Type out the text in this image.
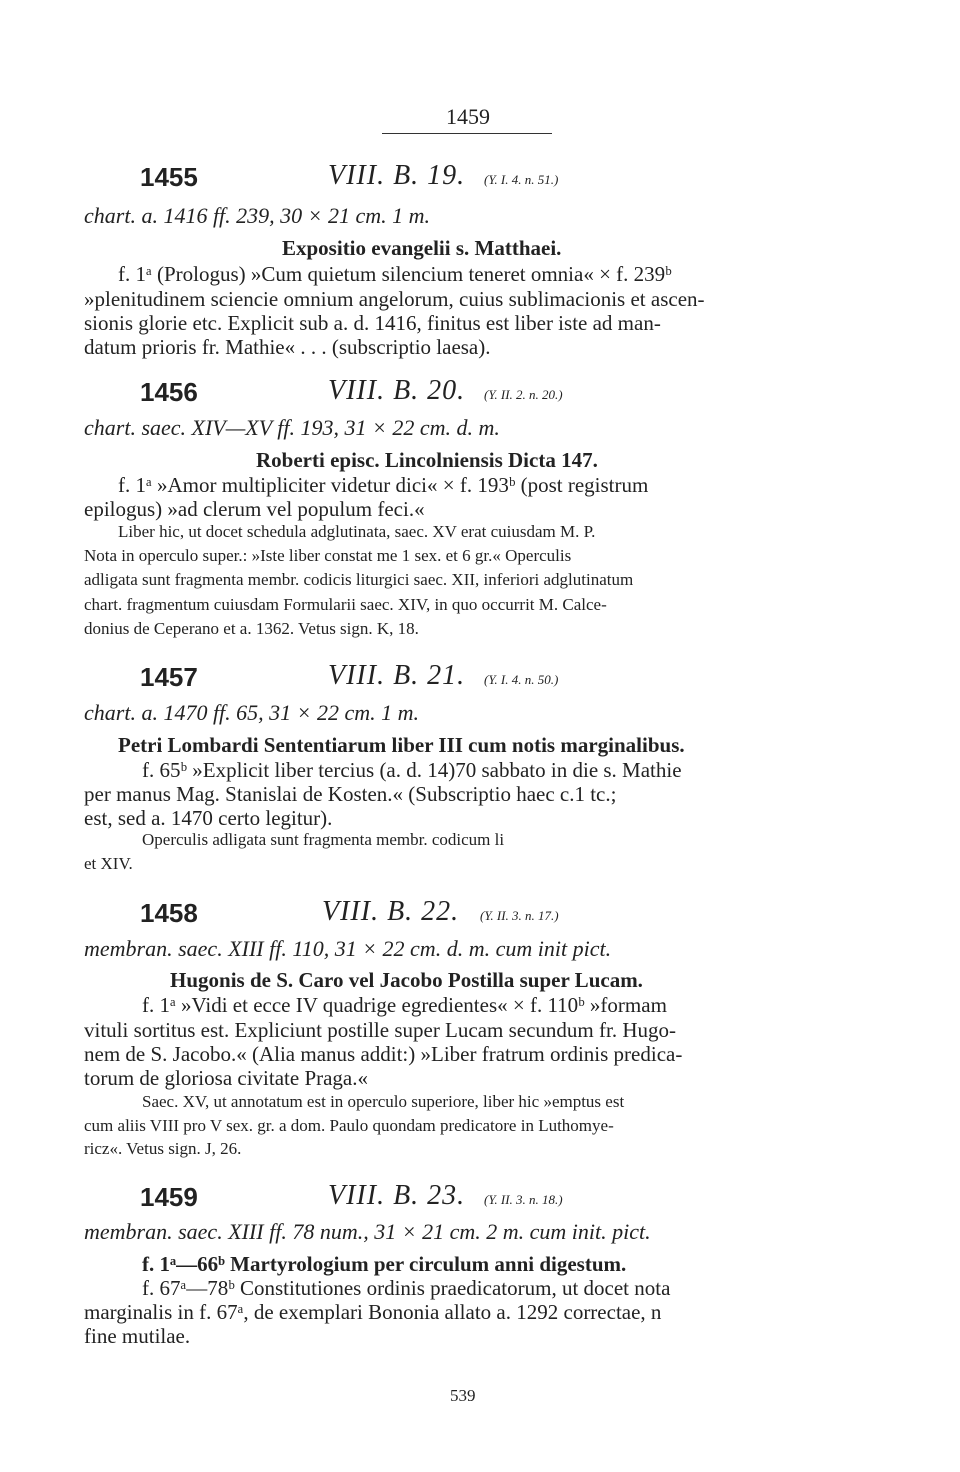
1459
1455	VIII. B. 19. (Y. I. 4. n. 51.)
chart. a. 1416 ff. 239, 30 × 21 cm. 1 m.
Expositio evangelii s. Matthaei.
f. 1ᵃ (Prologus) »Cum quietum silencium teneret omnia« × f. 239ᵇ
»plenitudinem sciencie omnium angelorum, cuius sublimacionis et ascen-
sionis glorie etc. Explicit sub a. d. 1416, finitus est liber iste ad man-
datum prioris fr. Mathie« . . . (subscriptio laesa).
1456	VIII. B. 20. (Y. II. 2. n. 20.)
chart. saec. XIV—XV ff. 193, 31 × 22 cm. d. m.
Roberti episc. Lincolniensis Dicta 147.
f. 1ᵃ »Amor multipliciter videtur dici« × f. 193ᵇ (post registrum
epilogus) »ad clerum vel populum feci.«
Liber hic, ut docet schedula adglutinata, saec. XV erat cuiusdam M. P.
Nota in operculo super.: »Iste liber constat me 1 sex. et 6 gr.« Operculis
adligata sunt fragmenta membr. codicis liturgici saec. XII, inferiori adglutinatum
chart. fragmentum cuiusdam Formularii saec. XIV, in quo occurrit M. Calce-
donius de Ceperano et a. 1362. Vetus sign. K, 18.
1457	VIII. B. 21. (Y. I. 4. n. 50.)
chart. a. 1470 ff. 65, 31 × 22 cm. 1 m.
Petri Lombardi Sententiarum liber III cum notis marginalibus.
f. 65ᵇ »Explicit liber tercius (a. d. 14)70 sabbato in die s. Mathie
per manus Mag. Stanislai de Kosten.« (Subscriptio haec c.1 tc.;
est, sed a. 1470 certo legitur).
Operculis adligata sunt fragmenta membr. codicum li
et XIV.
1458	VIII. B. 22. (Y. II. 3. n. 17.)
membran. saec. XIII ff. 110, 31 × 22 cm. d. m. cum init pict.
Hugonis de S. Caro vel Jacobo Postilla super Lucam.
f. 1ᵃ »Vidi et ecce IV quadrige egredientes« × f. 110ᵇ »formam
vituli sortitus est. Expliciunt postille super Lucam secundum fr. Hugo-
nem de S. Jacobo.« (Alia manus addit:) »Liber fratrum ordinis predica-
torum de gloriosa civitate Praga.«
Saec. XV, ut annotatum est in operculo superiore, liber hic »emptus est
cum aliis VIII pro V sex. gr. a dom. Paulo quondam predicatore in Luthomye-
ricz«. Vetus sign. J, 26.
1459	VIII. B. 23. (Y. II. 3. n. 18.)
membran. saec. XIII ff. 78 num., 31 × 21 cm. 2 m. cum init. pict.
f. 1ᵃ—66ᵇ Martyrologium per circulum anni digestum.
f. 67ᵃ—78ᵇ Constitutiones ordinis praedicatorum, ut docet nota
marginalis in f. 67ᵃ, de exemplari Bononia allato a. 1292 correctae, n
fine mutilae.
539
